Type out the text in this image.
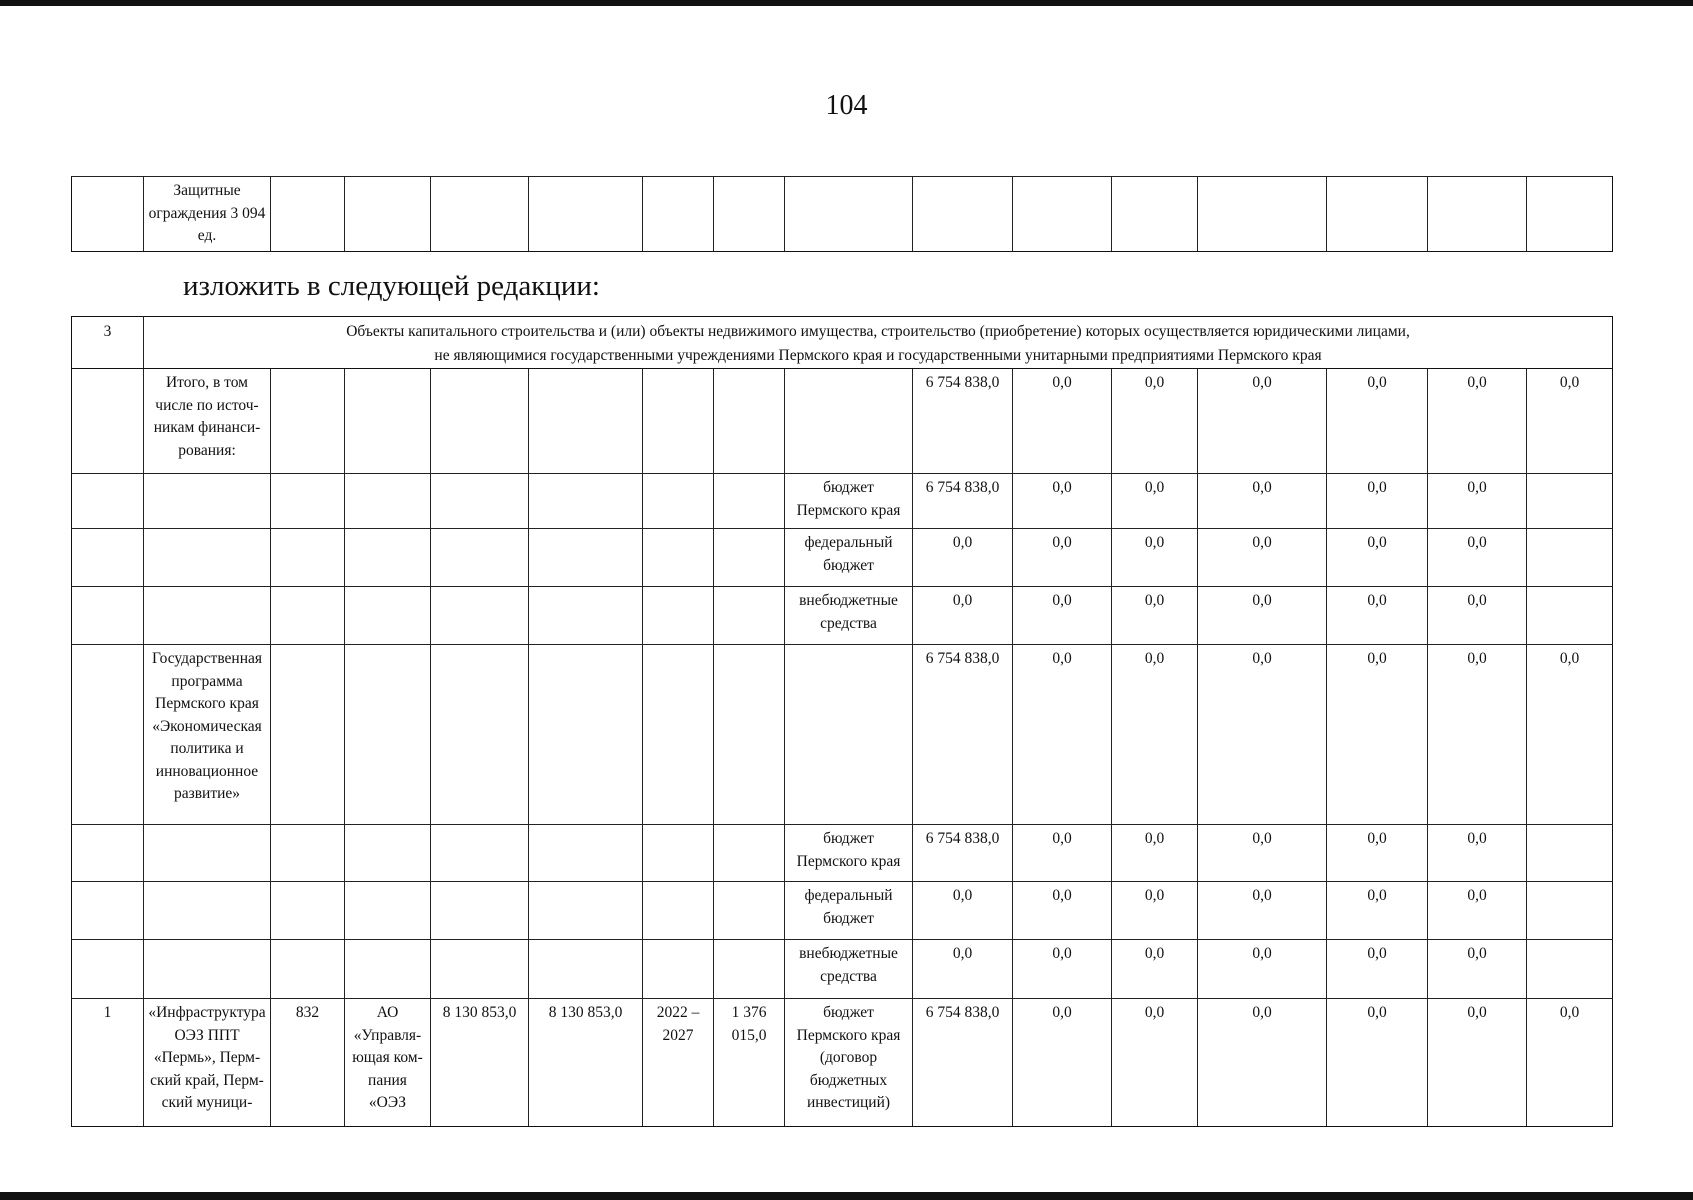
104
	Защитные ограждения 3 094 ед.														
изложить в следующей редакции:
3	Объекты капитального строительства и (или) объекты недвижимого имущества, строительство (приобретение) которых осуществляется юридическими лицами,
не являющимися государственными учреждениями Пермского края и государственными унитарными предприятиями Пермского края														

	Итого, в том числе по источ-никам финанси-рования:								6 754 838,0	0,0	0,0	0,0	0,0	0,0	0,0
								бюджет Пермского края	6 754 838,0	0,0	0,0	0,0	0,0	0,0	
								федеральный бюджет	0,0	0,0	0,0	0,0	0,0	0,0	
								внебюджетные средства	0,0	0,0	0,0	0,0	0,0	0,0	
	Государственная программа Пермского края «Экономическая политика и инновационное развитие»								6 754 838,0	0,0	0,0	0,0	0,0	0,0	0,0
								бюджет Пермского края	6 754 838,0	0,0	0,0	0,0	0,0	0,0	
								федеральный бюджет	0,0	0,0	0,0	0,0	0,0	0,0	
								внебюджетные средства	0,0	0,0	0,0	0,0	0,0	0,0	
1	«Инфраструктура ОЭЗ ППТ «Пермь», Перм-ский край, Перм-ский муници-	832	АО «Управля-ющая ком-пания «ОЭЗ	8 130 853,0	8 130 853,0	2022 – 2027	1 376 015,0	бюджет Пермского края (договор бюджетных инвестиций)	6 754 838,0	0,0	0,0	0,0	0,0	0,0	0,0
